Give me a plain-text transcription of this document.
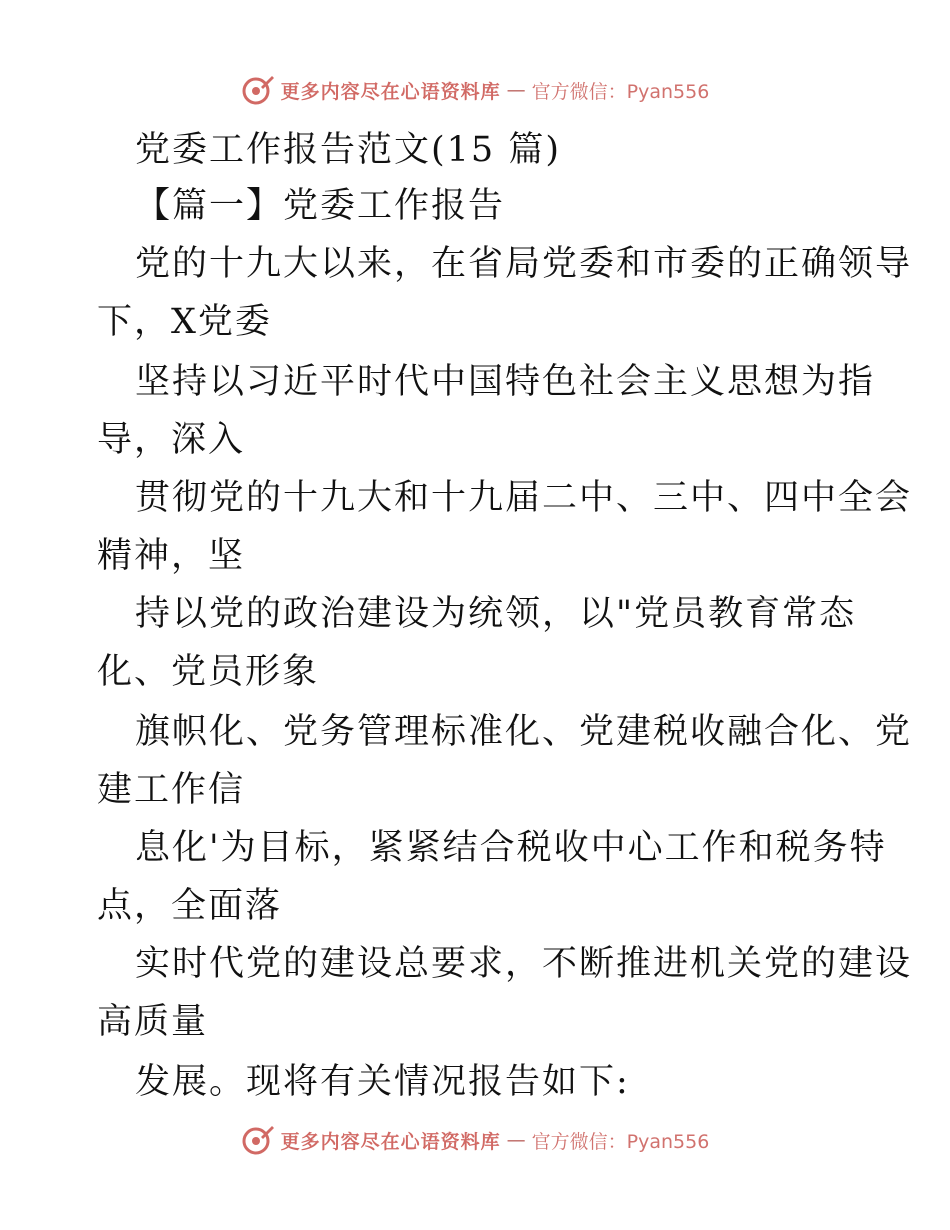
更多内容尽在心语资料库 — 官方微信：Pyan556
党委工作报告范文(15 篇)
【篇一】党委工作报告
党的十九大以来，在省局党委和市委的正确领导
下，X党委
坚持以习近平时代中国特色社会主义思想为指
导，深入
贯彻党的十九大和十九届二中、三中、四中全会
精神，坚
持以党的政治建设为统领，以"党员教育常态
化、党员形象
旗帜化、党务管理标准化、党建税收融合化、党
建工作信
息化'为目标，紧紧结合税收中心工作和税务特
点，全面落
实时代党的建设总要求，不断推进机关党的建设
高质量
发展。现将有关情况报告如下:
更多内容尽在心语资料库 — 官方微信：Pyan556
